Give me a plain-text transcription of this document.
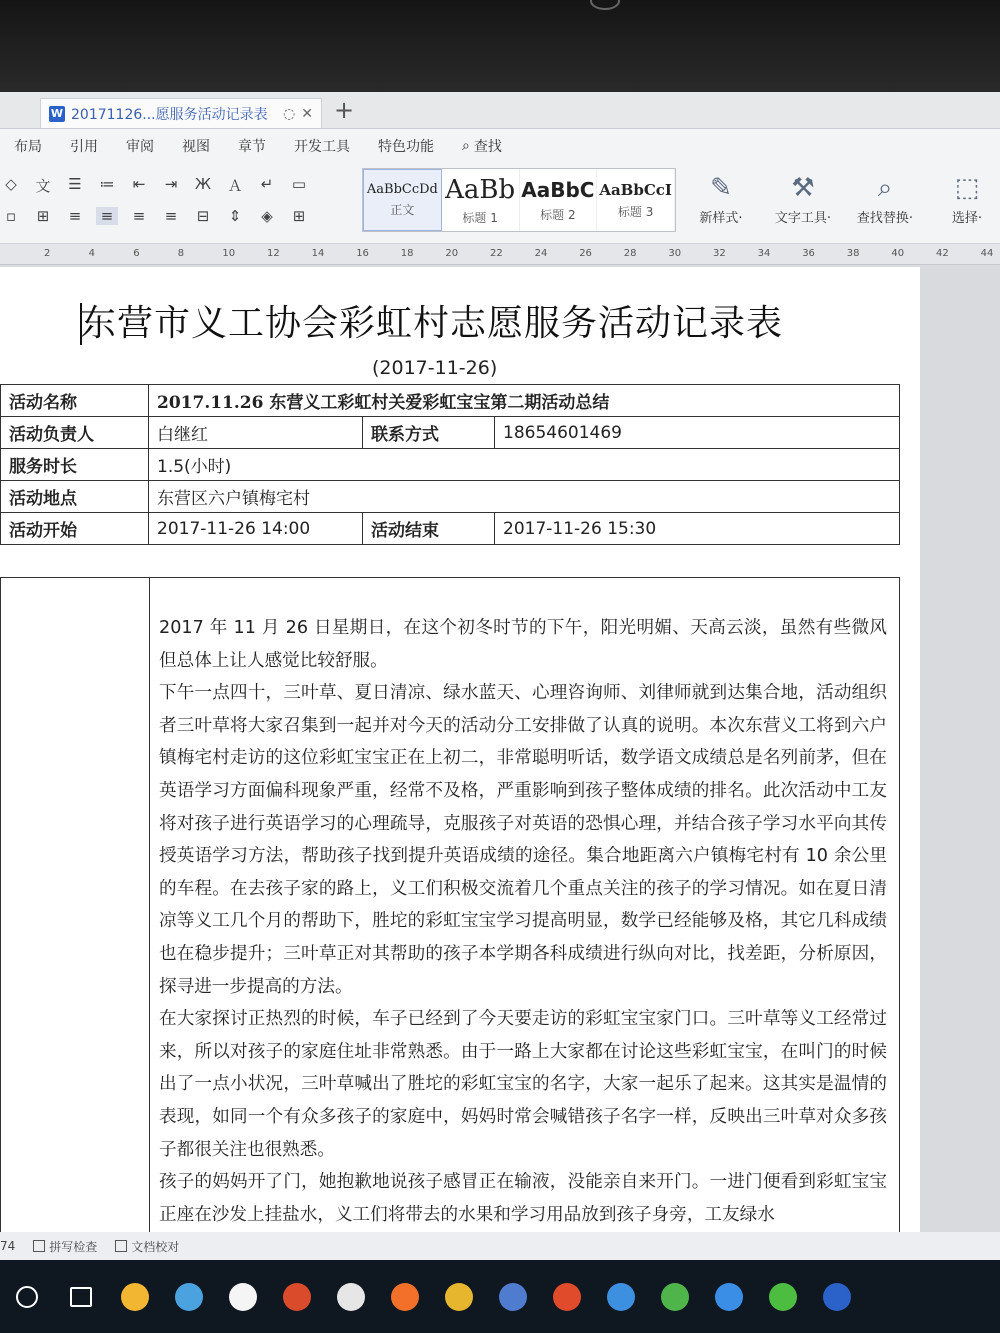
W 20171126...愿服务活动记录表	◌ ✕ +
布局	引用	审阅	视图	章节	开发工具	特色功能	⌕ 查找
◇	文 ☰ ≔	⇤	⇥	Ж Ａ	↵	▭
▫	⊞	≡	≡	≡	≡	⊟	⇕	◈	⊞
AaBbCcDd
正文
AaBb
标题 1
AaBbC
标题 2
AaBbCcI
标题 3
✎
新样式·
⚒
文字工具·
⌕
查找替换·
⬚
选择·
2	4	6	8	10	12	14	16	18	20	22	24	26	28	30	32	34	36	38	40	42	44
东营市义工协会彩虹村志愿服务活动记录表
(2017-11-26)
活动名称	2017.11.26 东营义工彩虹村关爱彩虹宝宝第二期活动总结		
活动负责人	白继红	联系方式	18654601469
服务时长	1.5(小时)		
活动地点	东营区六户镇梅宅村		
活动开始	2017-11-26 14:00	活动结束	2017-11-26 15:30

2017 年 11 月 26 日星期日，在这个初冬时节的下午，阳光明媚、天高云淡，虽然有些微风但总体上让人感觉比较舒服。

下午一点四十，三叶草、夏日清凉、绿水蓝天、心理咨询师、刘律师就到达集合地，活动组织者三叶草将大家召集到一起并对今天的活动分工安排做了认真的说明。本次东营义工将到六户镇梅宅村走访的这位彩虹宝宝正在上初二，非常聪明听话，数学语文成绩总是名列前茅，但在英语学习方面偏科现象严重，经常不及格，严重影响到孩子整体成绩的排名。此次活动中工友将对孩子进行英语学习的心理疏导，克服孩子对英语的恐惧心理，并结合孩子学习水平向其传授英语学习方法，帮助孩子找到提升英语成绩的途径。集合地距离六户镇梅宅村有 10 余公里的车程。在去孩子家的路上，义工们积极交流着几个重点关注的孩子的学习情况。如在夏日清凉等义工几个月的帮助下，胜坨的彩虹宝宝学习提高明显，数学已经能够及格，其它几科成绩也在稳步提升；三叶草正对其帮助的孩子本学期各科成绩进行纵向对比，找差距，分析原因，探寻进一步提高的方法。

在大家探讨正热烈的时候，车子已经到了今天要走访的彩虹宝宝家门口。三叶草等义工经常过来，所以对孩子的家庭住址非常熟悉。由于一路上大家都在讨论这些彩虹宝宝，在叫门的时候出了一点小状况，三叶草喊出了胜坨的彩虹宝宝的名字，大家一起乐了起来。这其实是温情的表现，如同一个有众多孩子的家庭中，妈妈时常会喊错孩子名字一样，反映出三叶草对众多孩子都很关注也很熟悉。

孩子的妈妈开了门，她抱歉地说孩子感冒正在输液，没能亲自来开门。一进门便看到彩虹宝宝正座在沙发上挂盐水，义工们将带去的水果和学习用品放到孩子身旁，工友绿水

74	拼写检查	文档校对
